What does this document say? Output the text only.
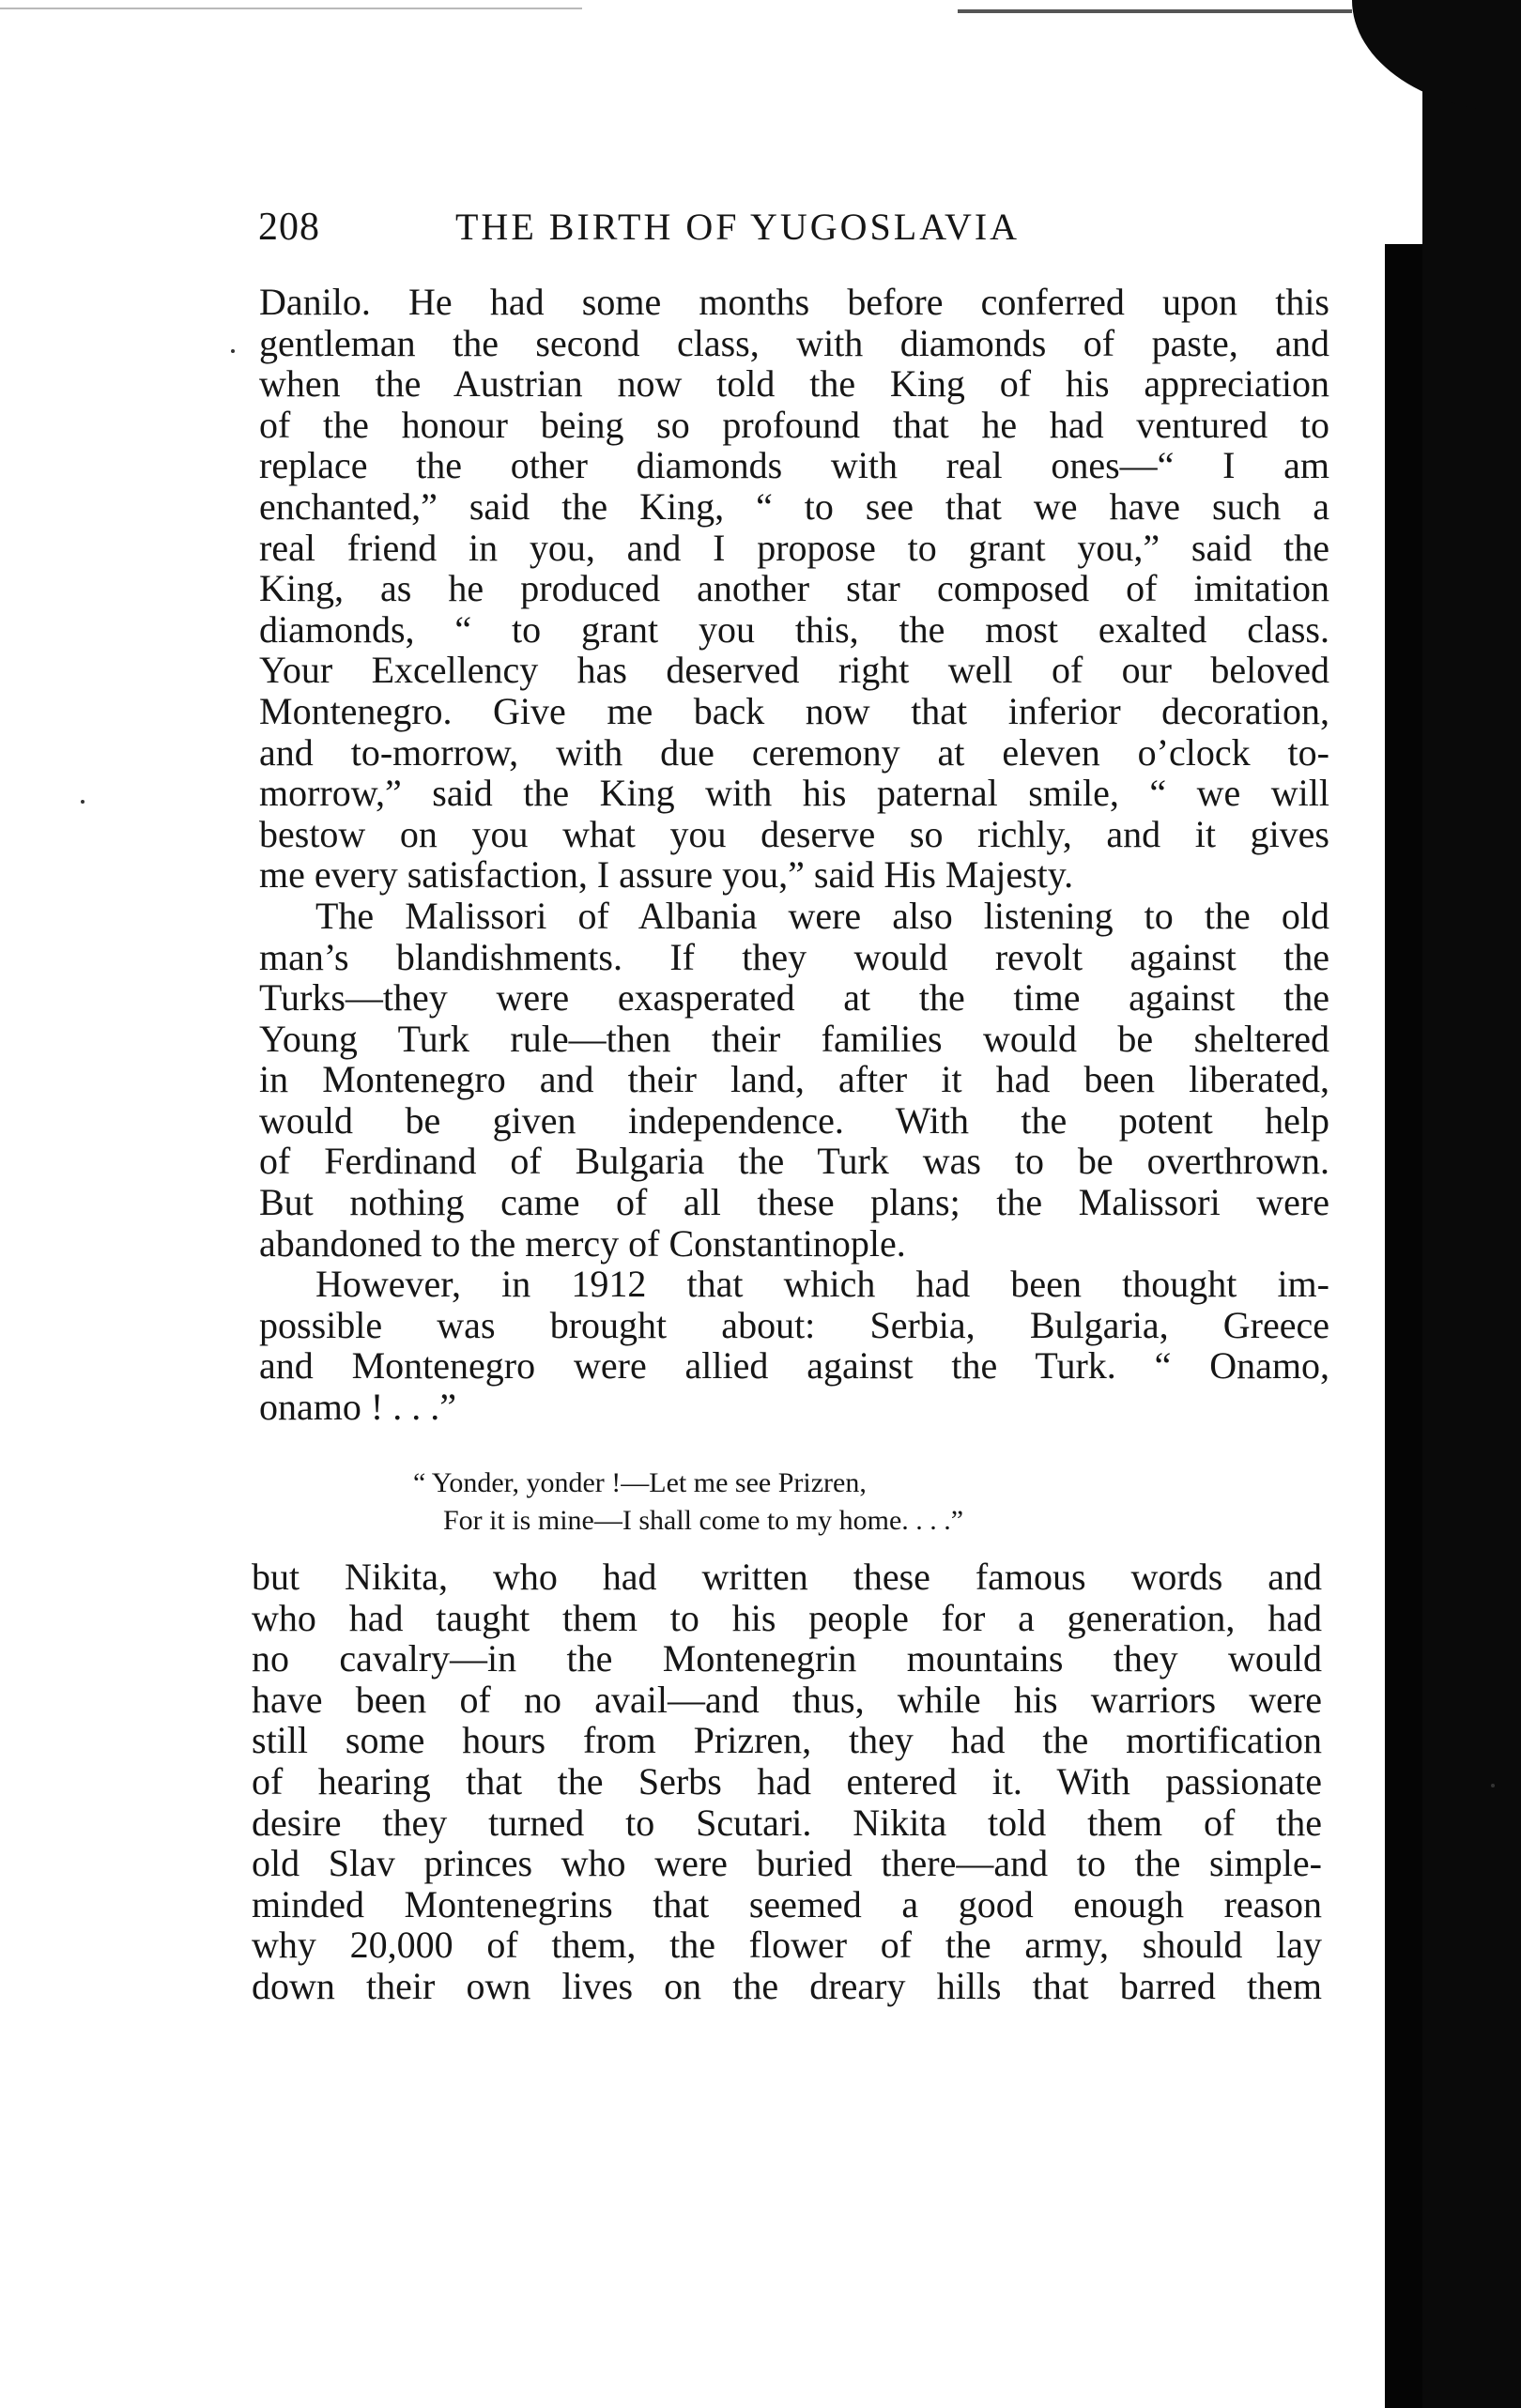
208	THE BIRTH OF YUGOSLAVIA
Danilo. He had some months before conferred upon this
gentleman the second class, with diamonds of paste, and
when the Austrian now told the King of his appreciation
of the honour being so profound that he had ventured to
replace the other diamonds with real ones—“ I am
enchanted,” said the King, “ to see that we have such a
real friend in you, and I propose to grant you,” said the
King, as he produced another star composed of imitation
diamonds, “ to grant you this, the most exalted class.
Your Excellency has deserved right well of our beloved
Montenegro. Give me back now that inferior decoration,
and to-morrow, with due ceremony at eleven o’clock to-
morrow,” said the King with his paternal smile, “ we will
bestow on you what you deserve so richly, and it gives
me every satisfaction, I assure you,” said His Majesty.
The Malissori of Albania were also listening to the old
man’s blandishments. If they would revolt against the
Turks—they were exasperated at the time against the
Young Turk rule—then their families would be sheltered
in Montenegro and their land, after it had been liberated,
would be given independence. With the potent help
of Ferdinand of Bulgaria the Turk was to be overthrown.
But nothing came of all these plans; the Malissori were
abandoned to the mercy of Constantinople.
However, in 1912 that which had been thought im-
possible was brought about: Serbia, Bulgaria, Greece
and Montenegro were allied against the Turk. “ Onamo,
onamo ! . . .”
“ Yonder, yonder !—Let me see Prizren,
For it is mine—I shall come to my home. . . .”
but Nikita, who had written these famous words and
who had taught them to his people for a generation, had
no cavalry—in the Montenegrin mountains they would
have been of no avail—and thus, while his warriors were
still some hours from Prizren, they had the mortification
of hearing that the Serbs had entered it. With passionate
desire they turned to Scutari. Nikita told them of the
old Slav princes who were buried there—and to the simple-
minded Montenegrins that seemed a good enough reason
why 20,000 of them, the flower of the army, should lay
down their own lives on the dreary hills that barred them
